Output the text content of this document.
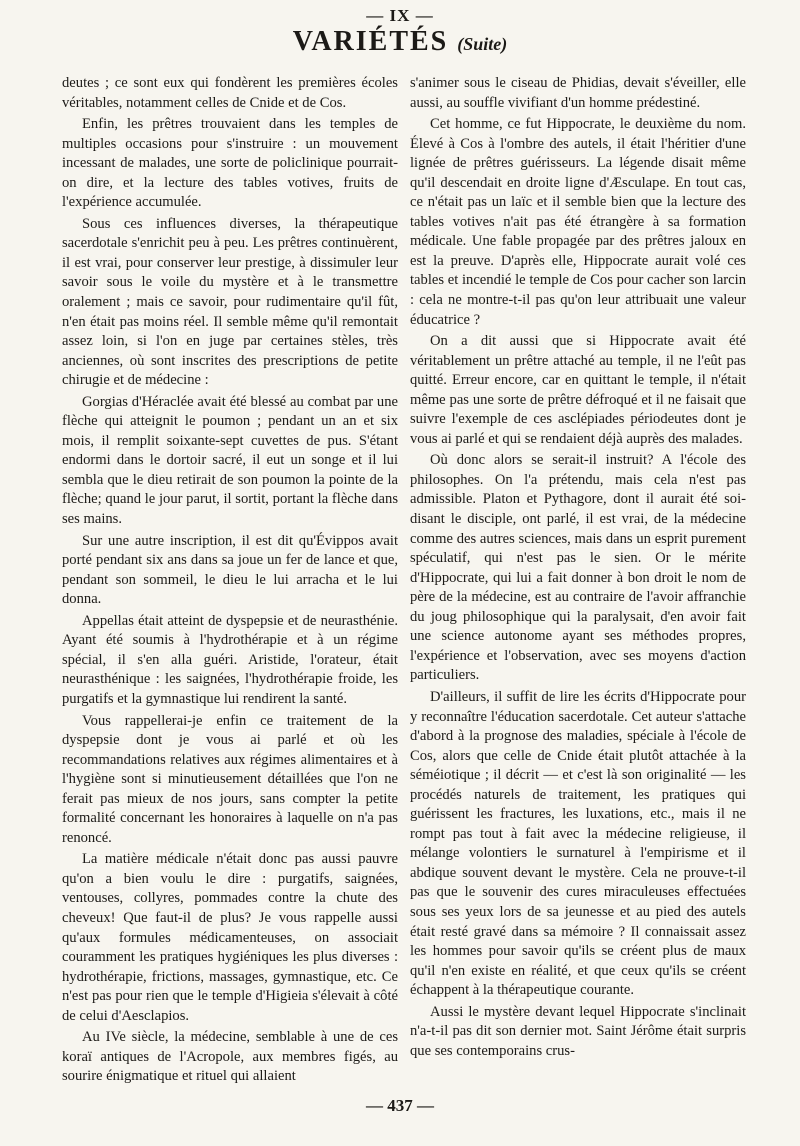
— IX —
VARIÉTÉS (Suite)

deutes ; ce sont eux qui fondèrent les premières écoles véritables, notamment celles de Cnide et de Cos.

Enfin, les prêtres trouvaient dans les temples de multiples occasions pour s'instruire : un mouvement incessant de malades, une sorte de policlinique pourrait-on dire, et la lecture des tables votives, fruits de l'expérience accumulée.

Sous ces influences diverses, la thérapeutique sacerdotale s'enrichit peu à peu. Les prêtres continuèrent, il est vrai, pour conserver leur prestige, à dissimuler leur savoir sous le voile du mystère et à le transmettre oralement ; mais ce savoir, pour rudimentaire qu'il fût, n'en était pas moins réel. Il semble même qu'il remontait assez loin, si l'on en juge par certaines stèles, très anciennes, où sont inscrites des prescriptions de petite chirugie et de médecine :

Gorgias d'Héraclée avait été blessé au combat par une flèche qui atteignit le poumon ; pendant un an et six mois, il remplit soixante-sept cuvettes de pus. S'étant endormi dans le dortoir sacré, il eut un songe et il lui sembla que le dieu retirait de son poumon la pointe de la flèche; quand le jour parut, il sortit, portant la flèche dans ses mains.

Sur une autre inscription, il est dit qu'Évippos avait porté pendant six ans dans sa joue un fer de lance et que, pendant son sommeil, le dieu le lui arracha et le lui donna.

Appellas était atteint de dyspepsie et de neurasthénie. Ayant été soumis à l'hydrothérapie et à un régime spécial, il s'en alla guéri. Aristide, l'orateur, était neurasthénique : les saignées, l'hydrothérapie froide, les purgatifs et la gymnastique lui rendirent la santé.

Vous rappellerai-je enfin ce traitement de la dyspepsie dont je vous ai parlé et où les recommandations relatives aux régimes alimentaires et à l'hygiène sont si minutieusement détaillées que l'on ne ferait pas mieux de nos jours, sans compter la petite formalité concernant les honoraires à laquelle on n'a pas renoncé.

La matière médicale n'était donc pas aussi pauvre qu'on a bien voulu le dire : purgatifs, saignées, ventouses, collyres, pommades contre la chute des cheveux! Que faut-il de plus? Je vous rappelle aussi qu'aux formules médicamenteuses, on associait couramment les pratiques hygiéniques les plus diverses : hydrothérapie, frictions, massages, gymnastique, etc. Ce n'est pas pour rien que le temple d'Higieia s'élevait à côté de celui d'Aesclapios.

Au IVe siècle, la médecine, semblable à une de ces koraï antiques de l'Acropole, aux membres figés, au sourire énigmatique et rituel qui allaient

s'animer sous le ciseau de Phidias, devait s'éveiller, elle aussi, au souffle vivifiant d'un homme prédestiné.

Cet homme, ce fut Hippocrate, le deuxième du nom. Élevé à Cos à l'ombre des autels, il était l'héritier d'une lignée de prêtres guérisseurs. La légende disait même qu'il descendait en droite ligne d'Æsculape. En tout cas, ce n'était pas un laïc et il semble bien que la lecture des tables votives n'ait pas été étrangère à sa formation médicale. Une fable propagée par des prêtres jaloux en est la preuve. D'après elle, Hippocrate aurait volé ces tables et incendié le temple de Cos pour cacher son larcin : cela ne montre-t-il pas qu'on leur attribuait une valeur éducatrice ?

On a dit aussi que si Hippocrate avait été véritablement un prêtre attaché au temple, il ne l'eût pas quitté. Erreur encore, car en quittant le temple, il n'était même pas une sorte de prêtre défroqué et il ne faisait que suivre l'exemple de ces asclépiades périodeutes dont je vous ai parlé et qui se rendaient déjà auprès des malades.

Où donc alors se serait-il instruit? A l'école des philosophes. On l'a prétendu, mais cela n'est pas admissible. Platon et Pythagore, dont il aurait été soi-disant le disciple, ont parlé, il est vrai, de la médecine comme des autres sciences, mais dans un esprit purement spéculatif, qui n'est pas le sien. Or le mérite d'Hippocrate, qui lui a fait donner à bon droit le nom de père de la médecine, est au contraire de l'avoir affranchie du joug philosophique qui la paralysait, d'en avoir fait une science autonome ayant ses méthodes propres, l'expérience et l'observation, avec ses moyens d'action particuliers.

D'ailleurs, il suffit de lire les écrits d'Hippocrate pour y reconnaître l'éducation sacerdotale. Cet auteur s'attache d'abord à la prognose des maladies, spéciale à l'école de Cos, alors que celle de Cnide était plutôt attachée à la séméiotique ; il décrit — et c'est là son originalité — les procédés naturels de traitement, les pratiques qui guérissent les fractures, les luxations, etc., mais il ne rompt pas tout à fait avec la médecine religieuse, il mélange volontiers le surnaturel à l'empirisme et il abdique souvent devant le mystère. Cela ne prouve-t-il pas que le souvenir des cures miraculeuses effectuées sous ses yeux lors de sa jeunesse et au pied des autels était resté gravé dans sa mémoire ? Il connaissait assez les hommes pour savoir qu'ils se créent plus de maux qu'il n'en existe en réalité, et que ceux qu'ils se créent échappent à la thérapeutique courante.

Aussi le mystère devant lequel Hippocrate s'inclinait n'a-t-il pas dit son dernier mot. Saint Jérôme était surpris que ses contemporains crus-

— 437 —
